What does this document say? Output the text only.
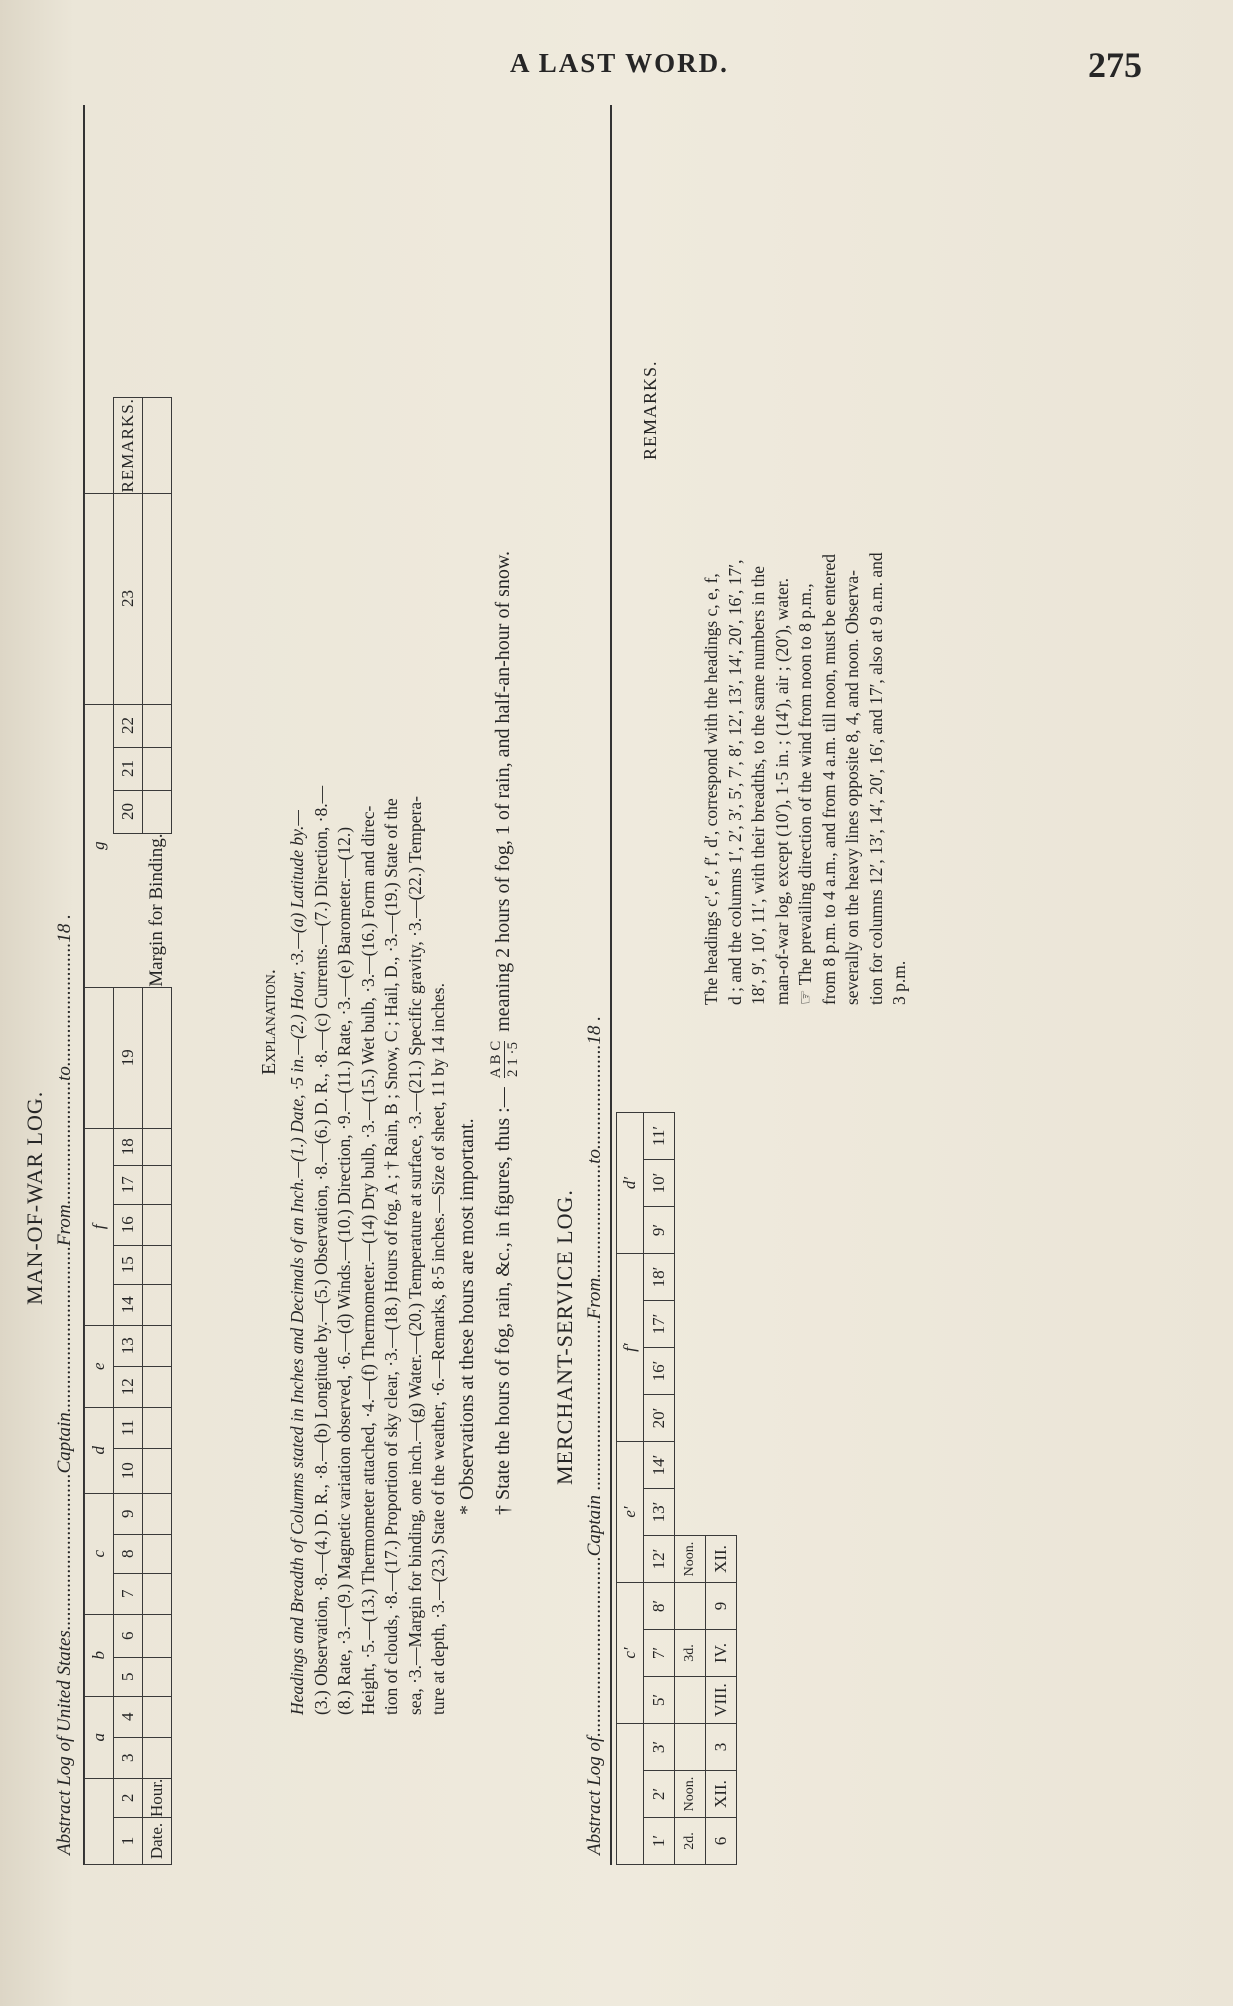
A LAST WORD.	275
MAN-OF-WAR LOG. Abstract Log of United States.................................Captain...................................From..........................to..........................18 .
		a		b		c			d		e		f						g					
1	2	3	4	5	6	7	8	9	10	11	12	13	14	15	16	17	18	19		20	21	22	23	REMARKS.
Date.	Hour.																		Margin for Binding.					
Explanation. Headings and Breadth of Columns stated in Inches and Decimals of an Inch.—(1.) Date, ·5 in.—(2.) Hour, ·3.—(a) Latitude by.— (3.) Observation, ·8.—(4.) D. R., ·8.—(b) Longitude by.—(5.) Observation, ·8.—(6.) D. R., ·8.—(c) Currents.—(7.) Direction, ·8.— (8.) Rate, ·3.—(9.) Magnetic variation observed, ·6.—(d) Winds.—(10.) Direction, ·9.—(11.) Rate, ·3.—(e) Barometer.—(12.) Height, ·5.—(13.) Thermometer attached, ·4.—(f) Thermometer.—(14) Dry bulb, ·3.—(15.) Wet bulb, ·3.—(16.) Form and direc- tion of clouds, ·8.—(17.) Proportion of sky clear, ·3.—(18.) Hours of fog, A ; † Rain, B ; Snow, C ; Hail, D., ·3.—(19.) State of the sea, ·3.—Margin for binding, one inch.—(g) Water.—(20.) Temperature at surface, ·3.—(21.) Specific gravity, ·3.—(22.) Tempera- ture at depth, ·3.—(23.) State of the weather, ·6.—Remarks, 8·5 inches.—Size of sheet, 11 by 14 inches. * Observations at these hours are most important. † State the hours of fog, rain, &c., in figures, thus :—
A B C 2 1 ·5
meaning 2 hours of fog, 1 of rain, and half-an-hour of snow.
MERCHANT-SERVICE LOG. Abstract Log of......................................Captain ....................................From........................to......................18 .
			c′			e′			f′				d′		
1′	2′	3′	5′	7′	8′	12′	13′	14′	20′	16′	17′	18′	9′	10′	11′
2d.	Noon.			3d.		Noon.									
6	XII.	3	VIII.	IV.	9	XII.									
REMARKS.
The headings c′, e′, f′, d′, correspond with the headings c, e, f, d ; and the columns 1′, 2′, 3′, 5′, 7′, 8′, 12′, 13′, 14′, 20′, 16′, 17′, 18′, 9′, 10′, 11′, with their breadths, to the same numbers in the man-of-war log, except (10′), 1·5 in. ; (14′), air ; (20′), water. ☞ The prevailing direction of the wind from noon to 8 p.m., from 8 p.m. to 4 a.m., and from 4 a.m. till noon, must be entered severally on the heavy lines opposite 8, 4, and noon. Observa- tion for columns 12′, 13′, 14′, 20′, 16′, and 17′, also at 9 a.m. and 3 p.m.
